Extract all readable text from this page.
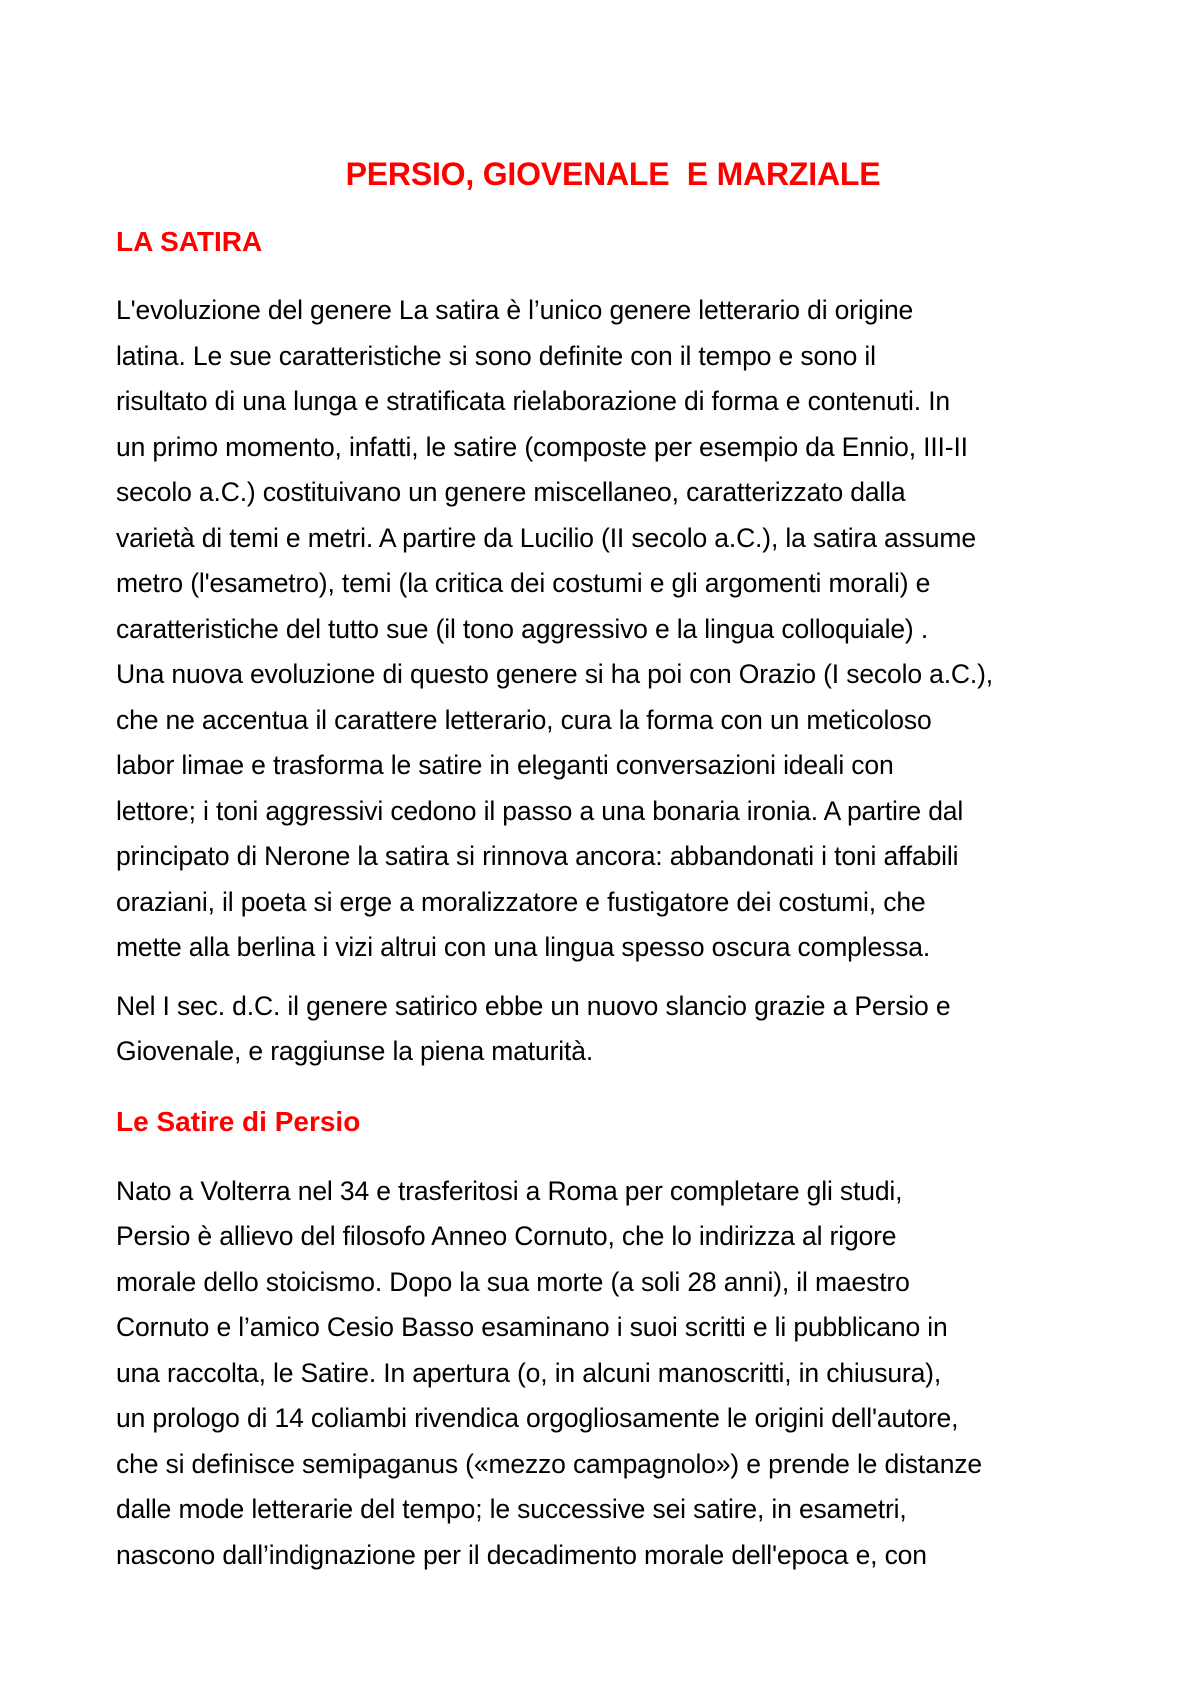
PERSIO, GIOVENALE  E MARZIALE
LA SATIRA

L'evoluzione del genere La satira è l’unico genere letterario di origine
latina. Le sue caratteristiche si sono definite con il tempo e sono il
risultato di una lunga e stratificata rielaborazione di forma e contenuti. In
un primo momento, infatti, le satire (composte per esempio da Ennio, III-II
secolo a.C.) costituivano un genere miscellaneo, caratterizzato dalla
varietà di temi e metri. A partire da Lucilio (II secolo a.C.), la satira assume
metro (l'esametro), temi (la critica dei costumi e gli argomenti morali) e
caratteristiche del tutto sue (il tono aggressivo e la lingua colloquiale) .
Una nuova evoluzione di questo genere si ha poi con Orazio (I secolo a.C.),
che ne accentua il carattere letterario, cura la forma con un meticoloso
labor limae e trasforma le satire in eleganti conversazioni ideali con
lettore; i toni aggressivi cedono il passo a una bonaria ironia. A partire dal
principato di Nerone la satira si rinnova ancora: abbandonati i toni affabili
oraziani, il poeta si erge a moralizzatore e fustigatore dei costumi, che
mette alla berlina i vizi altrui con una lingua spesso oscura complessa.

Nel I sec. d.C. il genere satirico ebbe un nuovo slancio grazie a Persio e
Giovenale, e raggiunse la piena maturità.

Le Satire di Persio

Nato a Volterra nel 34 e trasferitosi a Roma per completare gli studi,
Persio è allievo del filosofo Anneo Cornuto, che lo indirizza al rigore
morale dello stoicismo. Dopo la sua morte (a soli 28 anni), il maestro
Cornuto e l’amico Cesio Basso esaminano i suoi scritti e li pubblicano in
una raccolta, le Satire. In apertura (o, in alcuni manoscritti, in chiusura),
un prologo di 14 coliambi rivendica orgogliosamente le origini dell'autore,
che si definisce semipaganus («mezzo campagnolo») e prende le distanze
dalle mode letterarie del tempo; le successive sei satire, in esametri,
nascono dall’indignazione per il decadimento morale dell'epoca e, con
